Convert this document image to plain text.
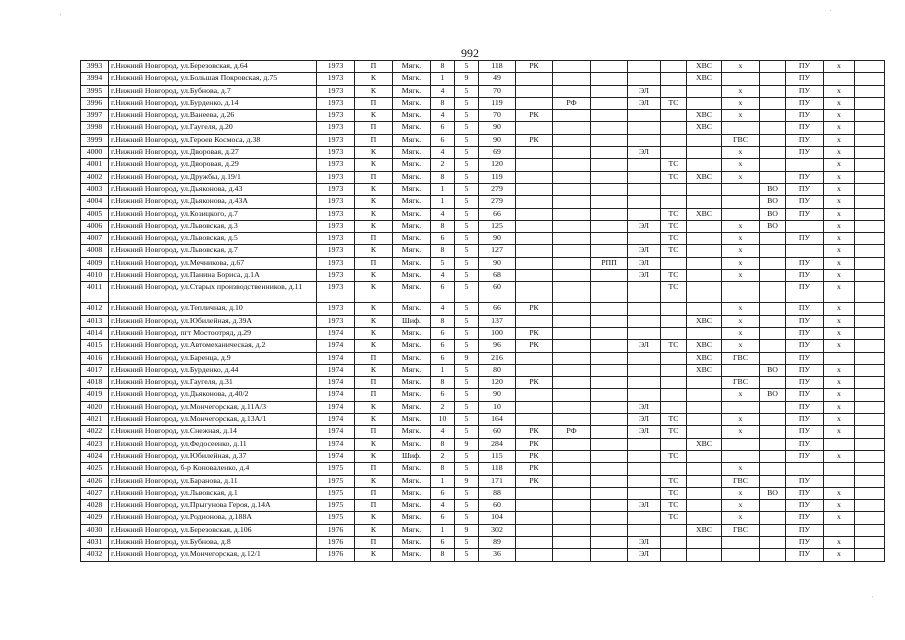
992
3993	г.Нижний Новгород, ул.Березовская, д.64	1973	П	Мягк.	8	5	118	РК					ХВС	х		ПУ	х	
3994	г.Нижний Новгород, ул.Большая Покровская, д.75	1973	К	Мягк.	1	9	49						ХВС			ПУ		
3995	г.Нижний Новгород, ул.Бубнова, д.7	1973	К	Мягк.	4	5	70				ЭЛ			х		ПУ	х	
3996	г.Нижний Новгород, ул.Бурденко, д.14	1973	П	Мягк.	8	5	119		РФ		ЭЛ	ТС		х		ПУ	х	
3997	г.Нижний Новгород, ул.Ванеева, д.26	1973	К	Мягк.	4	5	70	РК					ХВС	х		ПУ	х	
3998	г.Нижний Новгород, ул.Гаугеля, д.20	1973	П	Мягк.	6	5	90						ХВС			ПУ	х	
3999	г.Нижний Новгород, ул.Героев Космоса, д.38	1973	П	Мягк.	6	5	90	РК						ГВС		ПУ	х	
4000	г.Нижний Новгород, ул.Дворовая, д.27	1973	К	Мягк.	4	5	69				ЭЛ			х		ПУ	х	
4001	г.Нижний Новгород, ул.Дворовая, д.29	1973	К	Мягк.	2	5	120					ТС		х			х	
4002	г.Нижний Новгород, ул.Дружбы, д.19/1	1973	П	Мягк.	8	5	119					ТС	ХВС	х		ПУ	х	
4003	г.Нижний Новгород, ул.Дьяконова, д.43	1973	К	Мягк.	1	5	279								ВО	ПУ	х	
4004	г.Нижний Новгород, ул.Дьяконова, д.43А	1973	К	Мягк.	1	5	279								ВО	ПУ	х	
4005	г.Нижний Новгород, ул.Козицкого, д.7	1973	К	Мягк.	4	5	66					ТС	ХВС		ВО	ПУ	х	
4006	г.Нижний Новгород, ул.Львовская, д.3	1973	К	Мягк.	8	5	125				ЭЛ	ТС		х	ВО		х	
4007	г.Нижний Новгород, ул.Львовская, д.5	1973	П	Мягк.	6	5	90					ТС		х		ПУ	х	
4008	г.Нижний Новгород, ул.Львовская, д.7	1973	К	Мягк.	8	5	127				ЭЛ	ТС		х			х	
4009	г.Нижний Новгород, ул.Мечникова, д.67	1973	П	Мягк.	5	5	90			РПП	ЭЛ			х		ПУ	х	
4010	г.Нижний Новгород, ул.Панина Бориса, д.1А	1973	К	Мягк.	4	5	68				ЭЛ	ТС		х		ПУ	х	
4011	г.Нижний Новгород, ул.Старых производственников, д.11	1973	К	Мягк.	6	5	60					ТС				ПУ	х	
4012	г.Нижний Новгород, ул.Тепличная, д.10	1973	К	Мягк.	4	5	66	РК						х		ПУ	х	
4013	г.Нижний Новгород, ул.Юбилейная, д.39А	1973	К	Шиф.	8	5	137						ХВС	х		ПУ	х	
4014	г.Нижний Новгород, пгт Мостоотряд, д.29	1974	К	Мягк.	6	5	100	РК						х		ПУ	х	
4015	г.Нижний Новгород, ул.Автомеханическая, д.2	1974	К	Мягк.	6	5	96	РК			ЭЛ	ТС	ХВС	х		ПУ	х	
4016	г.Нижний Новгород, ул.Баренца, д.9	1974	П	Мягк.	6	9	216						ХВС	ГВС		ПУ		
4017	г.Нижний Новгород, ул.Бурденко, д.44	1974	К	Мягк.	1	5	80						ХВС		ВО	ПУ	х	
4018	г.Нижний Новгород, ул.Гаугеля, д.31	1974	П	Мягк.	8	5	120	РК						ГВС		ПУ	х	
4019	г.Нижний Новгород, ул.Дьяконова, д.40/2	1974	П	Мягк.	6	5	90							х	ВО	ПУ	х	
4020	г.Нижний Новгород, ул.Мончегорская, д.11А/3	1974	К	Мягк.	2	5	10				ЭЛ					ПУ	х	
4021	г.Нижний Новгород, ул.Мончегорская, д.13А/1	1974	К	Мягк.	10	5	164				ЭЛ	ТС		х		ПУ	х	
4022	г.Нижний Новгород, ул.Снежная, д.14	1974	П	Мягк.	4	5	60	РК	РФ		ЭЛ	ТС		х		ПУ	х	
4023	г.Нижний Новгород, ул.Федосеенко, д.11	1974	К	Мягк.	8	9	284	РК					ХВС			ПУ		
4024	г.Нижний Новгород, ул.Юбилейная, д.37	1974	К	Шиф.	2	5	115	РК				ТС				ПУ	х	
4025	г.Нижний Новгород, б-р Коноваленко, д.4	1975	П	Мягк.	8	5	118	РК						х				
4026	г.Нижний Новгород, ул.Баранова, д.11	1975	К	Мягк.	1	9	171	РК				ТС		ГВС		ПУ		
4027	г.Нижний Новгород, ул.Львовская, д.1	1975	П	Мягк.	6	5	88					ТС		х	ВО	ПУ	х	
4028	г.Нижний Новгород, ул.Прыгунова Героя, д.14А	1975	П	Мягк.	4	5	60				ЭЛ	ТС		х		ПУ	х	
4029	г.Нижний Новгород, ул.Родионова, д.188А	1975	К	Мягк.	6	5	104					ТС		х		ПУ	х	
4030	г.Нижний Новгород, ул.Березовская, д.106	1976	К	Мягк.	1	9	302						ХВС	ГВС		ПУ		
4031	г.Нижний Новгород, ул.Бубнова, д.8	1976	П	Мягк.	6	5	89				ЭЛ					ПУ	х	
4032	г.Нижний Новгород, ул.Мончегорская, д.12/1	1976	К	Мягк.	8	5	36				ЭЛ					ПУ	х	
